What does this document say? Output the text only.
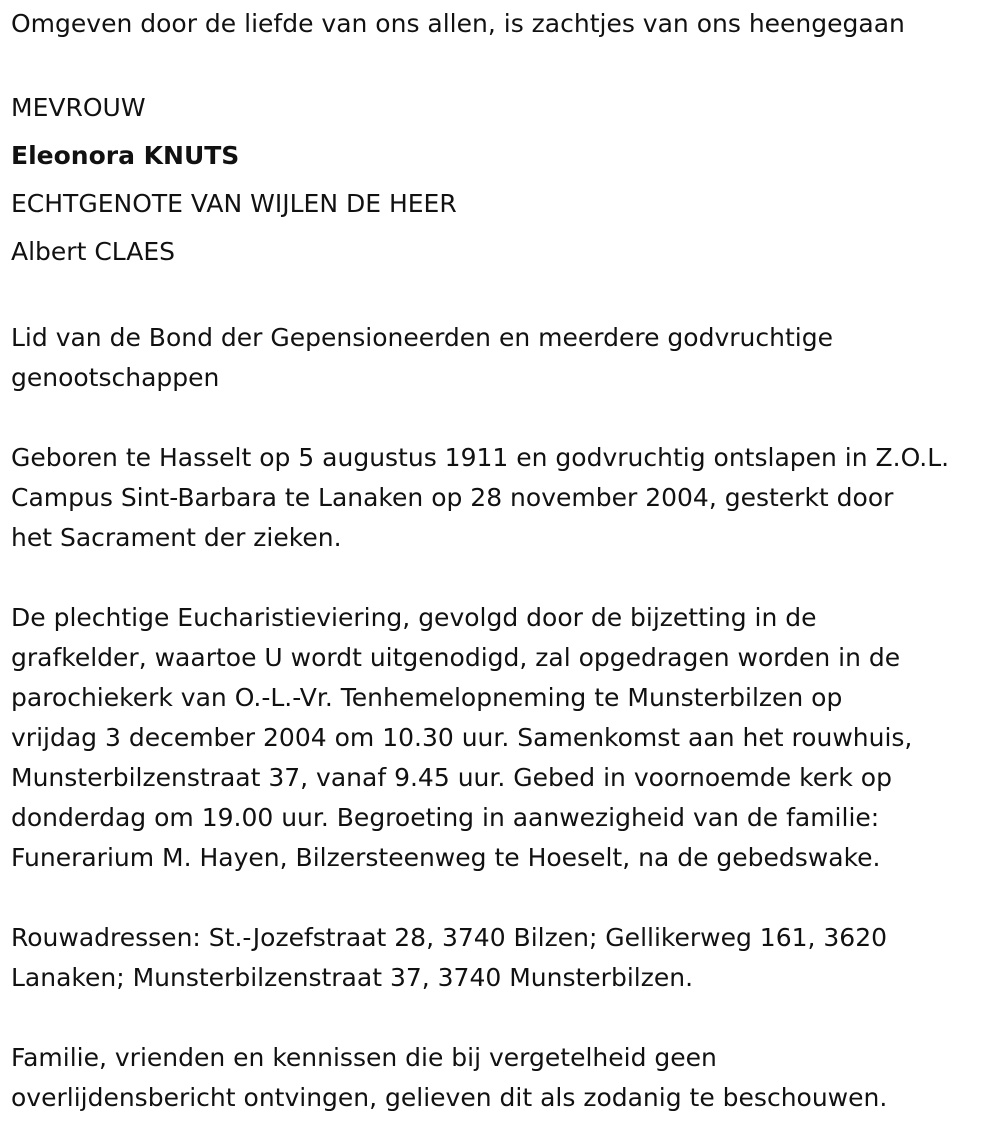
Omgeven door de liefde van ons allen, is zachtjes van ons heengegaan
MEVROUW
Eleonora KNUTS
ECHTGENOTE VAN WIJLEN DE HEER
Albert CLAES
Lid van de Bond der Gepensioneerden en meerdere godvruchtige
genootschappen
Geboren te Hasselt op 5 augustus 1911 en godvruchtig ontslapen in Z.O.L.
Campus Sint-Barbara te Lanaken op 28 november 2004, gesterkt door
het Sacrament der zieken.
De plechtige Eucharistieviering, gevolgd door de bijzetting in de
grafkelder, waartoe U wordt uitgenodigd, zal opgedragen worden in de
parochiekerk van O.-L.-Vr. Tenhemelopneming te Munsterbilzen op
vrijdag 3 december 2004 om 10.30 uur. Samenkomst aan het rouwhuis,
Munsterbilzenstraat 37, vanaf 9.45 uur. Gebed in voornoemde kerk op
donderdag om 19.00 uur. Begroeting in aanwezigheid van de familie:
Funerarium M. Hayen, Bilzersteenweg te Hoeselt, na de gebedswake.
Rouwadressen: St.-Jozefstraat 28, 3740 Bilzen; Gellikerweg 161, 3620
Lanaken; Munsterbilzenstraat 37, 3740 Munsterbilzen.
Familie, vrienden en kennissen die bij vergetelheid geen
overlijdensbericht ontvingen, gelieven dit als zodanig te beschouwen.
